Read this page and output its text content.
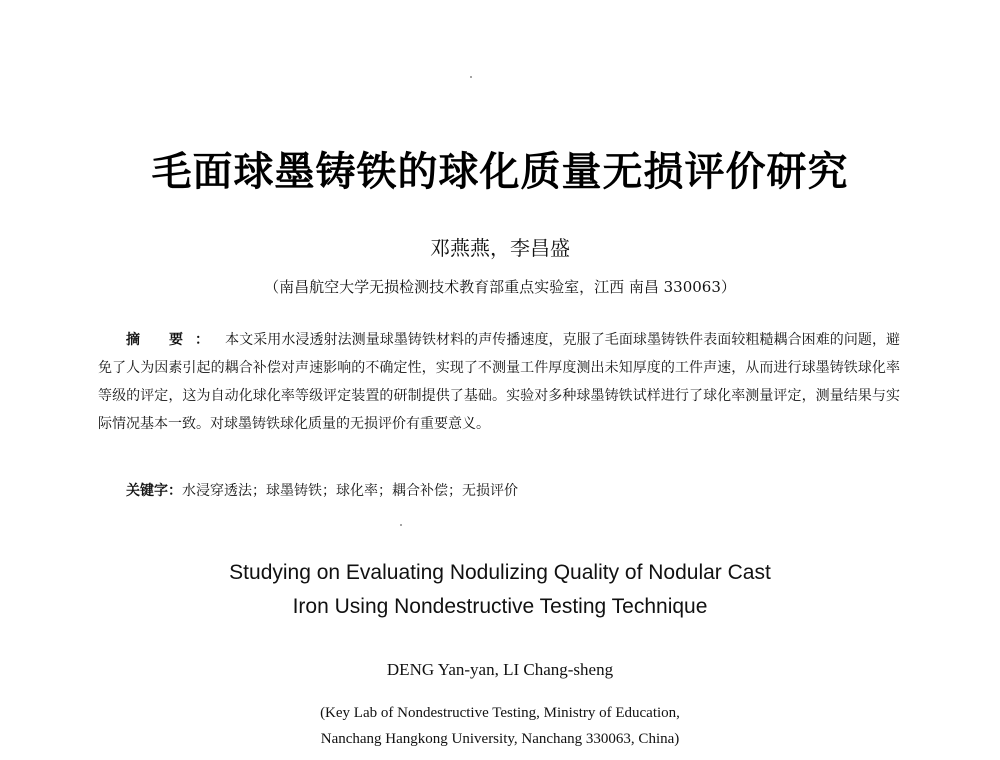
毛面球墨铸铁的球化质量无损评价研究
邓燕燕，李昌盛
（南昌航空大学无损检测技术教育部重点实验室，江西 南昌 330063）
摘 要： 本文采用水浸透射法测量球墨铸铁材料的声传播速度，克服了毛面球墨铸铁件表面较粗糙耦合困难的问题，避免了人为因素引起的耦合补偿对声速影响的不确定性，实现了不测量工件厚度测出未知厚度的工件声速，从而进行球墨铸铁球化率等级的评定，这为自动化球化率等级评定装置的研制提供了基础。实验对多种球墨铸铁试样进行了球化率测量评定，测量结果与实际情况基本一致。对球墨铸铁球化质量的无损评价有重要意义。
关键字：水浸穿透法；球墨铸铁；球化率；耦合补偿；无损评价
Studying on Evaluating Nodulizing Quality of Nodular Cast
Iron Using Nondestructive Testing Technique
DENG Yan-yan, LI Chang-sheng
(Key Lab of Nondestructive Testing, Ministry of Education,
Nanchang Hangkong University, Nanchang 330063, China)
